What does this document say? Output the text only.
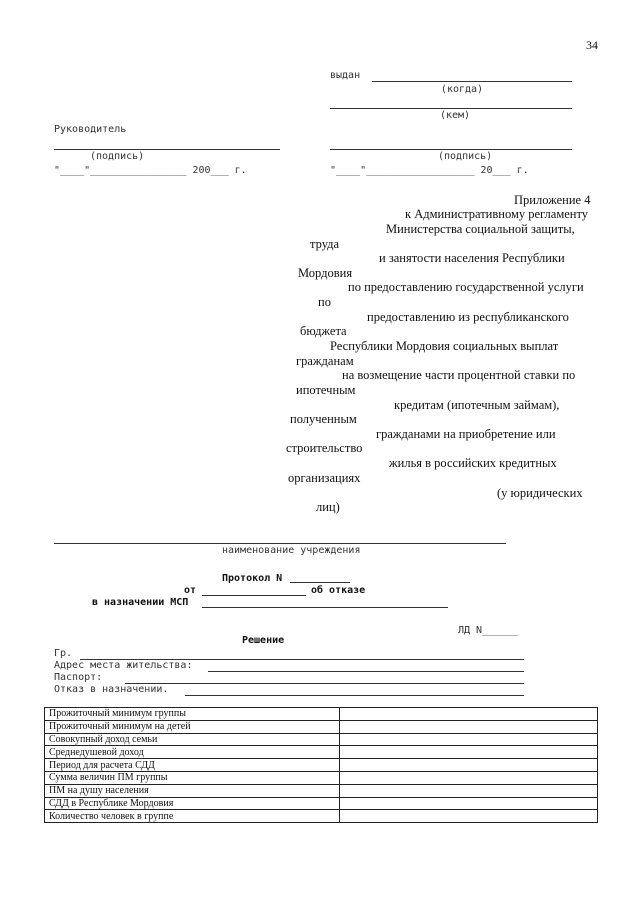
34
выдан
(когда)
(кем)
Руководитель
(подпись)
"____"________________ 200___ г.
(подпись)
"____"__________________ 20___ г.
Приложение 4
к Административному регламенту
Министерства социальной защиты,
труда
и занятости населения Республики
Мордовия
по предоставлению государственной услуги
по
предоставлению из республиканского
бюджета
Республики Мордовия социальных выплат
гражданам
на возмещение части процентной ставки по
ипотечным
кредитам (ипотечным займам),
полученным
гражданами на приобретение или
строительство
жилья в российских кредитных
организациях
(у юридических
лиц)
наименование учреждения
Протокол N
от	об отказе
в назначении МСП
ЛД N______
Решение
Гр.
Адрес места жительства:
Паспорт:
Отказ в назначении.
Прожиточный минимум группы	
Прожиточный минимум на детей	
Совокупный доход семьи	
Среднедушевой доход	
Период для расчета СДД	
Сумма величин ПМ группы	
ПМ на душу населения	
СДД в Республике Мордовия	
Количество человек в группе	
